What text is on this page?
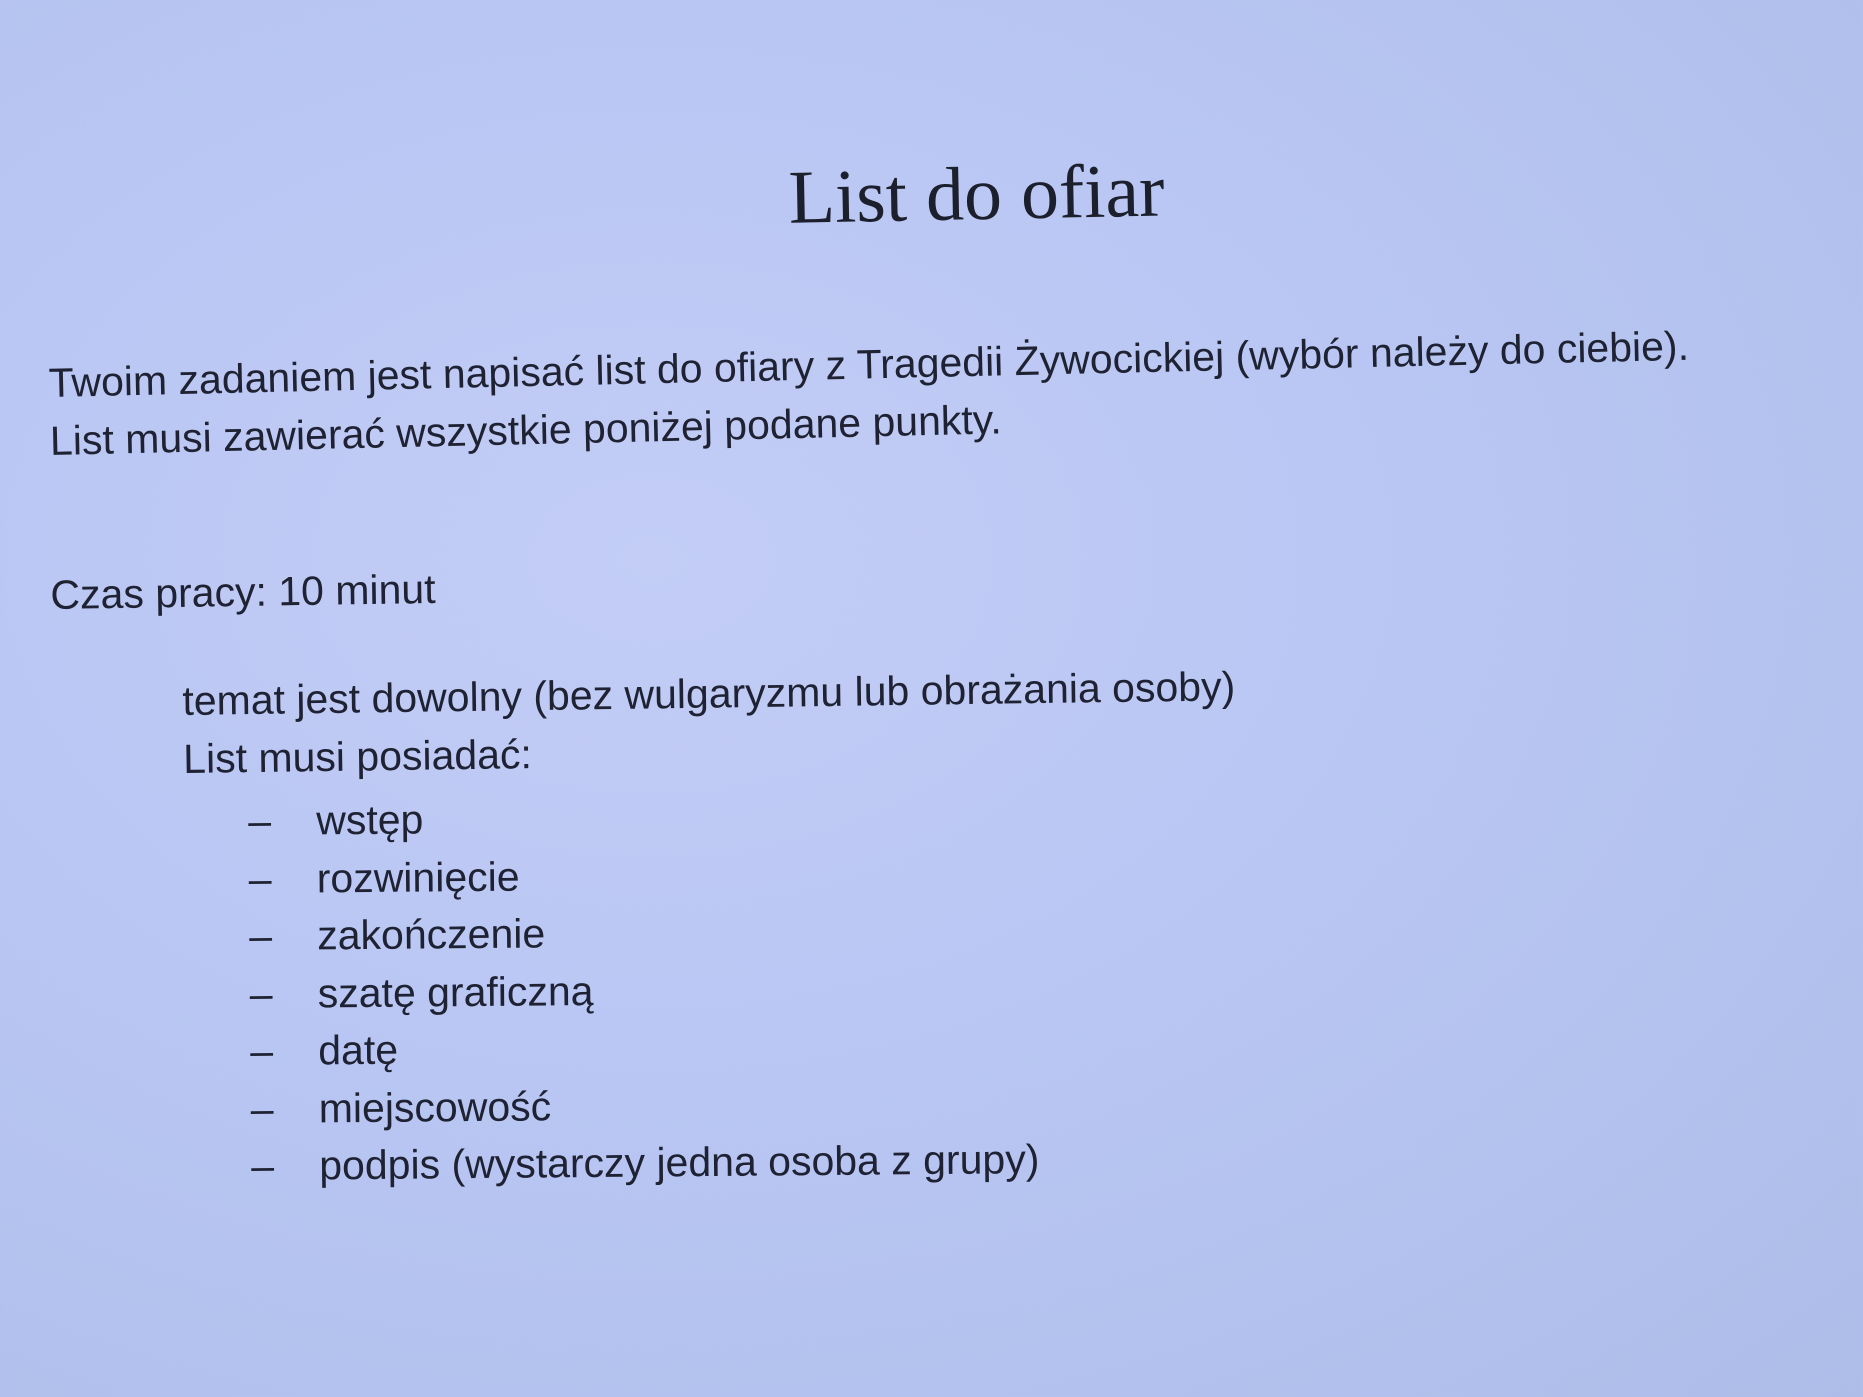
List do ofiar

Twoim zadaniem jest napisać list do ofiary z Tragedii Żywocickiej (wybór należy do ciebie).

List musi zawierać wszystkie poniżej podane punkty.

Czas pracy: 10 minut

temat jest dowolny (bez wulgaryzmu lub obrażania osoby)

List musi posiadać:

–	wstęp
–	rozwinięcie
–	zakończenie
–	szatę graficzną
–	datę
–	miejscowość
–	podpis (wystarczy jedna osoba z grupy)
